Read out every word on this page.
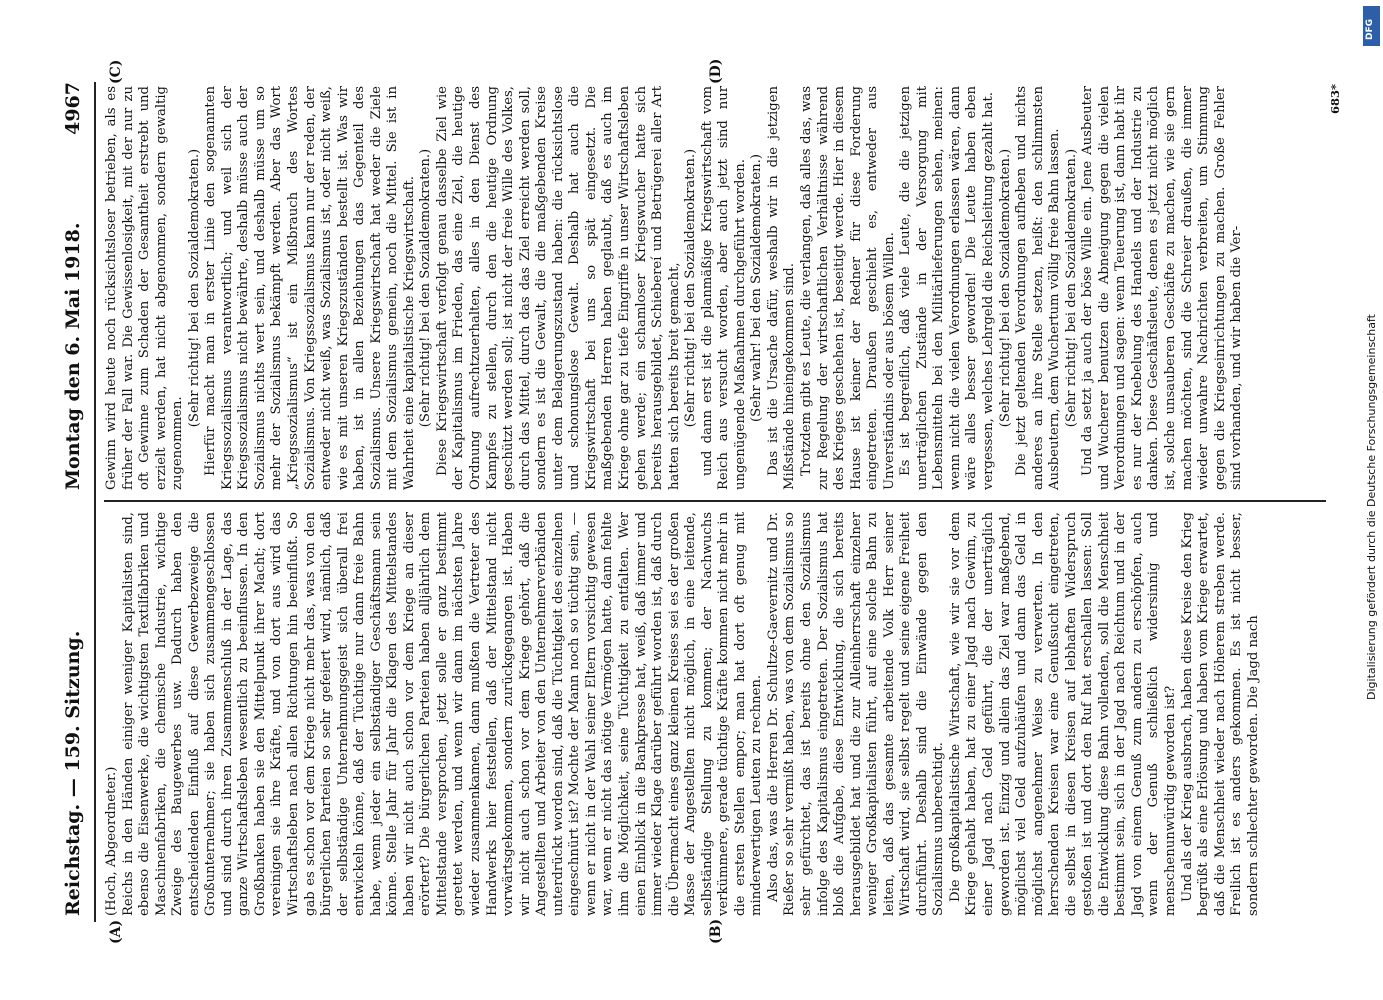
Reichstag. — 159. Sitzung.
Montag den 6. Mai 1918.
4967
(A)	(B)
(C)	(D)

(Hoch, Abgeordneter.) Reichs in den Händen einiger weniger Kapitalisten sind, ebenso die Eisenwerke, die wichtigsten Textilfabriken und Maschinenfabriken, die chemische Industrie, wichtige Zweige des Baugewerbes usw. Dadurch haben den entscheidenden Einfluß auf diese Gewerbezweige die Großunternehmer; sie haben sich zusammengeschlossen und sind durch ihren Zusammenschluß in der Lage, das ganze Wirtschaftsleben wesentlich zu beeinflussen. In den Großbanken haben sie den Mittelpunkt ihrer Macht; dort vereinigen sie ihre Kräfte, und von dort aus wird das Wirtschaftsleben nach allen Richtungen hin beeinflußt. So gab es schon vor dem Kriege nicht mehr das, was von den bürgerlichen Parteien so sehr gefeiert wird, nämlich, daß der selbständige Unternehmungsgeist sich überall frei entwickeln könne, daß der Tüchtige nur dann freie Bahn habe, wenn jeder ein selbständiger Geschäftsmann sein könne. Stelle Jahr für Jahr die Klagen des Mittelstandes haben wir nicht auch schon vor dem Kriege an dieser erörtert? Die bürgerlichen Parteien haben alljährlich dem Mittelstande versprochen, jetzt solle er ganz bestimmt gerettet werden, und wenn wir dann im nächsten Jahre wieder zusammenkamen, dann mußten die Vertreter des Handwerks hier feststellen, daß der Mittelstand nicht vorwärtsgekommen, sondern zurückgegangen ist. Haben wir nicht auch schon vor dem Kriege gehört, daß die Angestellten und Arbeiter von den Unternehmerverbänden unterdrückt worden sind, daß die Tüchtigkeit des einzelnen eingeschnürt ist? Mochte der Mann noch so tüchtig sein, — wenn er nicht in der Wahl seiner Eltern vorsichtig gewesen war, wenn er nicht das nötige Vermögen hatte, dann fehlte ihm die Möglichkeit, seine Tüchtigkeit zu entfalten. Wer einen Einblick in die Bankpresse hat, weiß, daß immer und immer wieder Klage darüber geführt worden ist, daß durch die Übermacht eines ganz kleinen Kreises sei es der großen Masse der Angestellten nicht möglich, in eine leitende, selbständige Stellung zu kommen; der Nachwuchs verkümmere, gerade tüchtige Kräfte kommen nicht mehr in die ersten Stellen empor; man hat dort oft genug mit minderwertigen Leuten zu rechnen. Also das, was die Herren Dr. Schultze-Gaevernitz und Dr. Rießer so sehr vermißt haben, was von dem Sozialismus so sehr gefürchtet, das ist bereits ohne den Sozialismus infolge des Kapitalismus eingetreten. Der Sozialismus hat bloß die Aufgabe, diese Entwicklung, die sich bereits herausgebildet hat und die zur Alleinherrschaft einzelner weniger Großkapitalisten führt, auf eine solche Bahn zu leiten, daß das gesamte arbeitende Volk Herr seiner Wirtschaft wird, sie selbst regelt und seine eigene Freiheit durchführt. Deshalb sind die Einwände gegen den Sozialismus unberechtigt. Die großkapitalistische Wirtschaft, wie wir sie vor dem Kriege gehabt haben, hat zu einer Jagd nach Gewinn, zu einer Jagd nach Geld geführt, die der unerträglich geworden ist. Einzig und allein das Ziel war maßgebend, möglichst viel Geld aufzuhäufen und dann das Geld in möglichst angenehmer Weise zu verwerten. In den herrschenden Kreisen war eine Genußsucht eingetreten, die selbst in diesen Kreisen auf lebhaften Widerspruch gestoßen ist und dort den Ruf hat erschallen lassen: Soll die Entwicklung diese Bahn vollenden, soll die Menschheit bestimmt sein, sich in der Jagd nach Reichtum und in der Jagd von einem Genuß zum andern zu erschöpfen, auch wenn der Genuß schließlich widersinnig und menschenunwürdig geworden ist? Und als der Krieg ausbrach, haben diese Kreise den Krieg begrüßt als eine Erlösung und haben vom Kriege erwartet, daß die Menschheit wieder nach Höherem streben werde. Freilich ist es anders gekommen. Es ist nicht besser, sondern schlechter geworden. Die Jagd nach

Gewinn wird heute noch rücksichtsloser betrieben, als es früher der Fall war. Die Gewissenlosigkeit, mit der nur zu oft Gewinne zum Schaden der Gesamtheit erstrebt und erzielt werden, hat nicht abgenommen, sondern gewaltig zugenommen.

(Sehr richtig! bei den Sozialdemokraten.) Hierfür macht man in erster Linie den sogenannten Kriegssozialismus verantwortlich; und weil sich der Kriegssozialismus nicht bewährte, deshalb müsse auch der Sozialismus nichts wert sein, und deshalb müsse um so mehr der Sozialismus bekämpft werden. Aber das Wort „Kriegssozialismus“ ist ein Mißbrauch des Wortes Sozialismus. Von Kriegssozialismus kann nur der reden, der entweder nicht weiß, was Sozialismus ist, oder nicht weiß, wie es mit unseren Kriegszuständen bestellt ist. Was wir haben, ist in allen Beziehungen das Gegenteil des Sozialismus. Unsere Kriegswirtschaft hat weder die Ziele mit dem Sozialismus gemein, noch die Mittel. Sie ist in Wahrheit eine kapitalistische Kriegswirtschaft. (Sehr richtig! bei den Sozialdemokraten.) Diese Kriegswirtschaft verfolgt genau dasselbe Ziel wie der Kapitalismus im Frieden, das eine Ziel, die heutige Ordnung aufrechtzuerhalten, alles in den Dienst des Kampfes zu stellen, durch den die heutige Ordnung geschützt werden soll; ist nicht der freie Wille des Volkes, durch das Mittel, durch das das Ziel erreicht werden soll, sondern es ist die Gewalt, die die maßgebenden Kreise unter dem Belagerungszustand haben: die rücksichtslose und schonungslose Gewalt. Deshalb hat auch die Kriegswirtschaft bei uns so spät eingesetzt. Die maßgebenden Herren haben geglaubt, daß es auch im Kriege ohne gar zu tiefe Eingriffe in unser Wirtschaftsleben gehen werde; ein schamloser Kriegswucher hatte sich bereits herausgebildet, Schiebereí und Betrügerei aller Art hatten sich bereits breit gemacht, (Sehr richtig! bei den Sozialdemokraten.) und dann erst ist die planmäßige Kriegswirtschaft vom Reich aus versucht worden, aber auch jetzt sind nur ungenügende Maßnahmen durchgeführt worden. (Sehr wahr! bei den Sozialdemokraten.) Das ist die Ursache dafür, weshalb wir in die jetzigen Mißstände hineingekommen sind. Trotzdem gibt es Leute, die verlangen, daß alles das, was zur Regelung der wirtschaftlichen Verhältnisse während des Krieges geschehen ist, beseitigt werde. Hier in diesem Hause ist keiner der Redner für diese Forderung eingetreten. Draußen geschieht es, entweder aus Unverständnis oder aus bösem Willen. Es ist begreiflich, daß viele Leute, die die jetzigen unerträglichen Zustände in der Versorgung mit Lebensmitteln bei den Militärlieferungen sehen, meinen: wenn nicht die vielen Verordnungen erlassen wären, dann wäre alles besser geworden! Die Leute haben eben vergessen, welches Lehrgeld die Reichsleitung gezahlt hat. (Sehr richtig! bei den Sozialdemokraten.) Die jetzt geltenden Verordnungen aufheben und nichts anderes an ihre Stelle setzen, heißt: den schlimmsten Ausbeutern, dem Wuchertum völlig freie Bahn lassen. (Sehr richtig! bei den Sozialdemokraten.) Und da setzt ja auch der böse Wille ein. Jene Ausbeuter und Wucherer benutzen die Abneigung gegen die vielen Verordnungen und sagen: wenn Teuerung ist, dann habt ihr es nur der Knebelung des Handels und der Industrie zu danken. Diese Geschäftsleute, denen es jetzt nicht möglich ist, solche unsauberen Geschäfte zu machen, wie sie gern machen möchten, sind die Schreier draußen, die immer wieder unwahre Nachrichten verbreiten, um Stimmung gegen die Kriegseinrichtungen zu machen. Große Fehler sind vorhanden, und wir haben die Ver-

683*
DFG
Digitalisierung gefördert durch die Deutsche Forschungsgemeinschaft
